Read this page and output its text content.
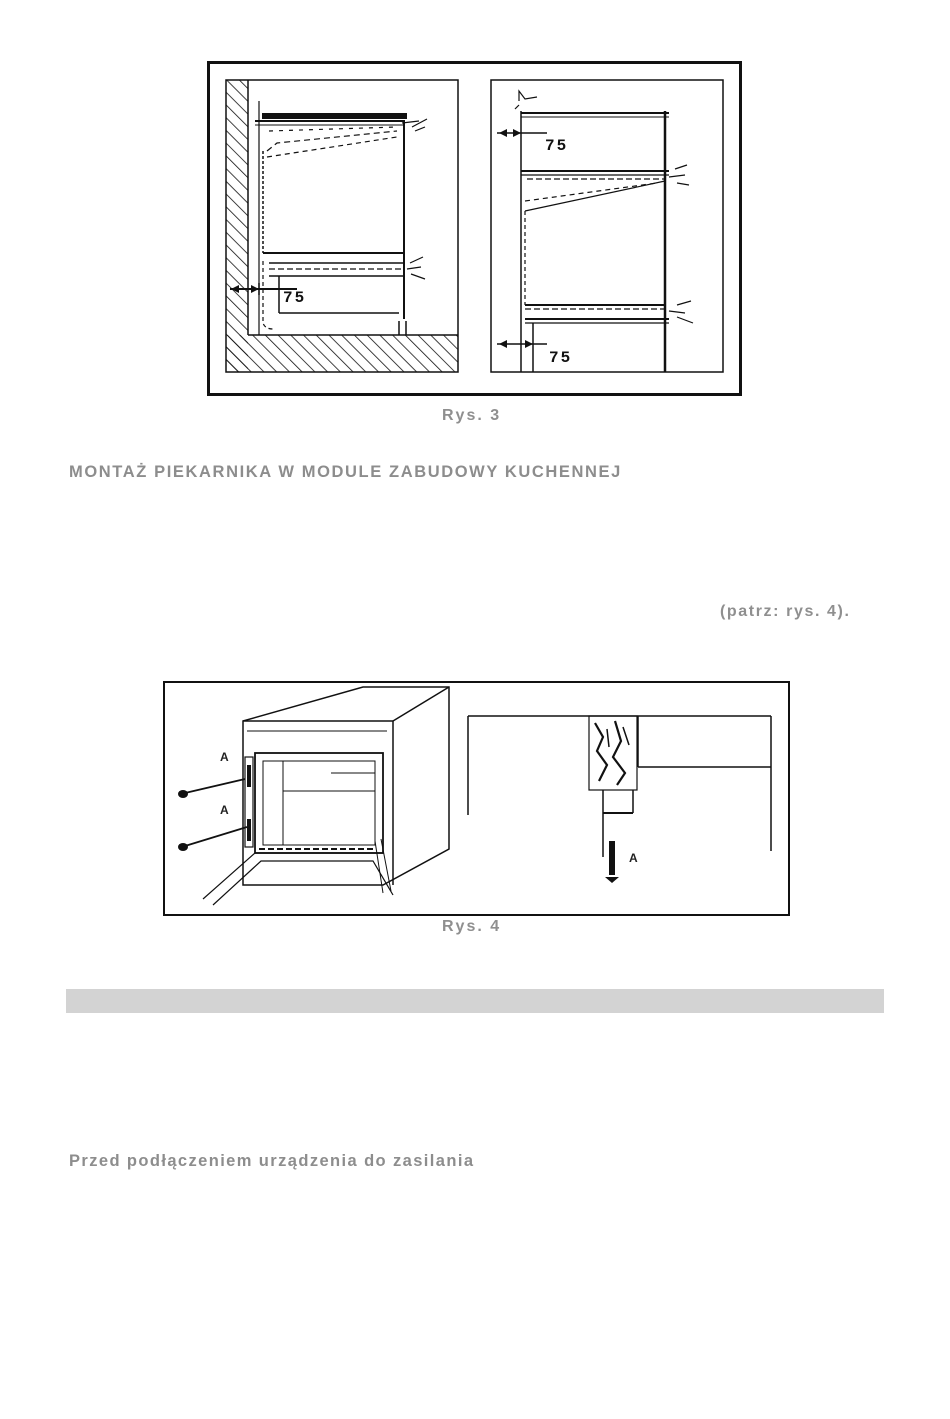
75
75
75
Rys. 3
MONTAŻ PIEKARNIKA W MODULE ZABUDOWY KUCHENNEJ
(patrz: rys. 4).
A
A
A
Rys. 4
Przed podłączeniem urządzenia do zasilania
